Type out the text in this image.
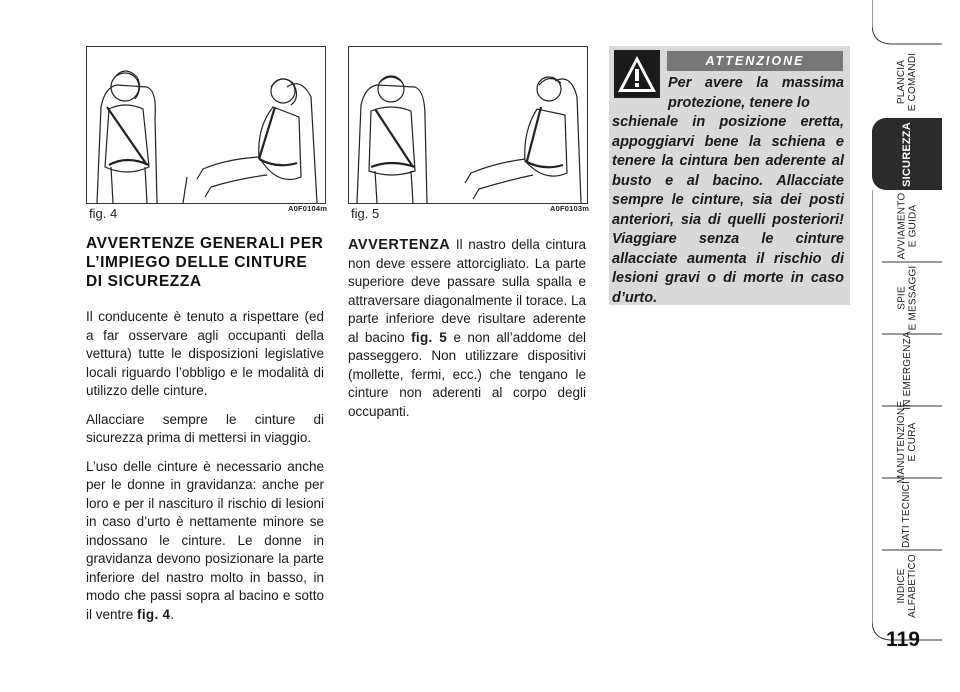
fig. 4	A0F0104m fig. 5	A0F0103m
AVVERTENZE GENERALI PER L’IMPIEGO DELLE CINTURE DI SICUREZZA

Il conducente è tenuto a rispettare (ed a far osservare agli occupanti della vettura) tutte le disposizioni legislative locali riguardo l’obbligo e le modalità di utilizzo delle cinture.

Allacciare sempre le cinture di sicurezza prima di mettersi in viaggio.

L’uso delle cinture è necessario anche per le donne in gravidanza: anche per loro e per il nascituro il rischio di lesioni in caso d’urto è nettamente minore se indossano le cinture. Le donne in gravidanza devono posizionare la parte inferiore del nastro molto in basso, in modo che passi sopra al bacino e sotto il ventre fig. 4.

AVVERTENZA Il nastro della cintura non deve essere attorcigliato. La parte superiore deve passare sulla spalla e attraversare diagonalmente il torace. La parte inferiore deve risultare aderente al bacino fig. 5 e non all’addome del passeggero. Non utilizzare dispositivi (mollette, fermi, ecc.) che tengano le cinture non aderenti al corpo degli occupanti.

ATTENZIONE
Per avere la massima protezione, tenere lo
schienale in posizione eretta, appoggiarvi bene la schiena e tenere la cintura ben aderente al busto e al bacino. Allacciate sempre le cinture, sia dei posti anteriori, sia di quelli posteriori! Viaggiare senza le cinture allacciate aumenta il rischio di lesioni gravi o di morte in caso d’urto.
PLANCIA
E COMANDI
SICUREZZA
AVVIAMENTO
E GUIDA
SPIE
E MESSAGGI
IN EMERGENZA
MANUTENZIONE
E CURA
DATI TECNICI
INDICE
ALFABETICO
119
